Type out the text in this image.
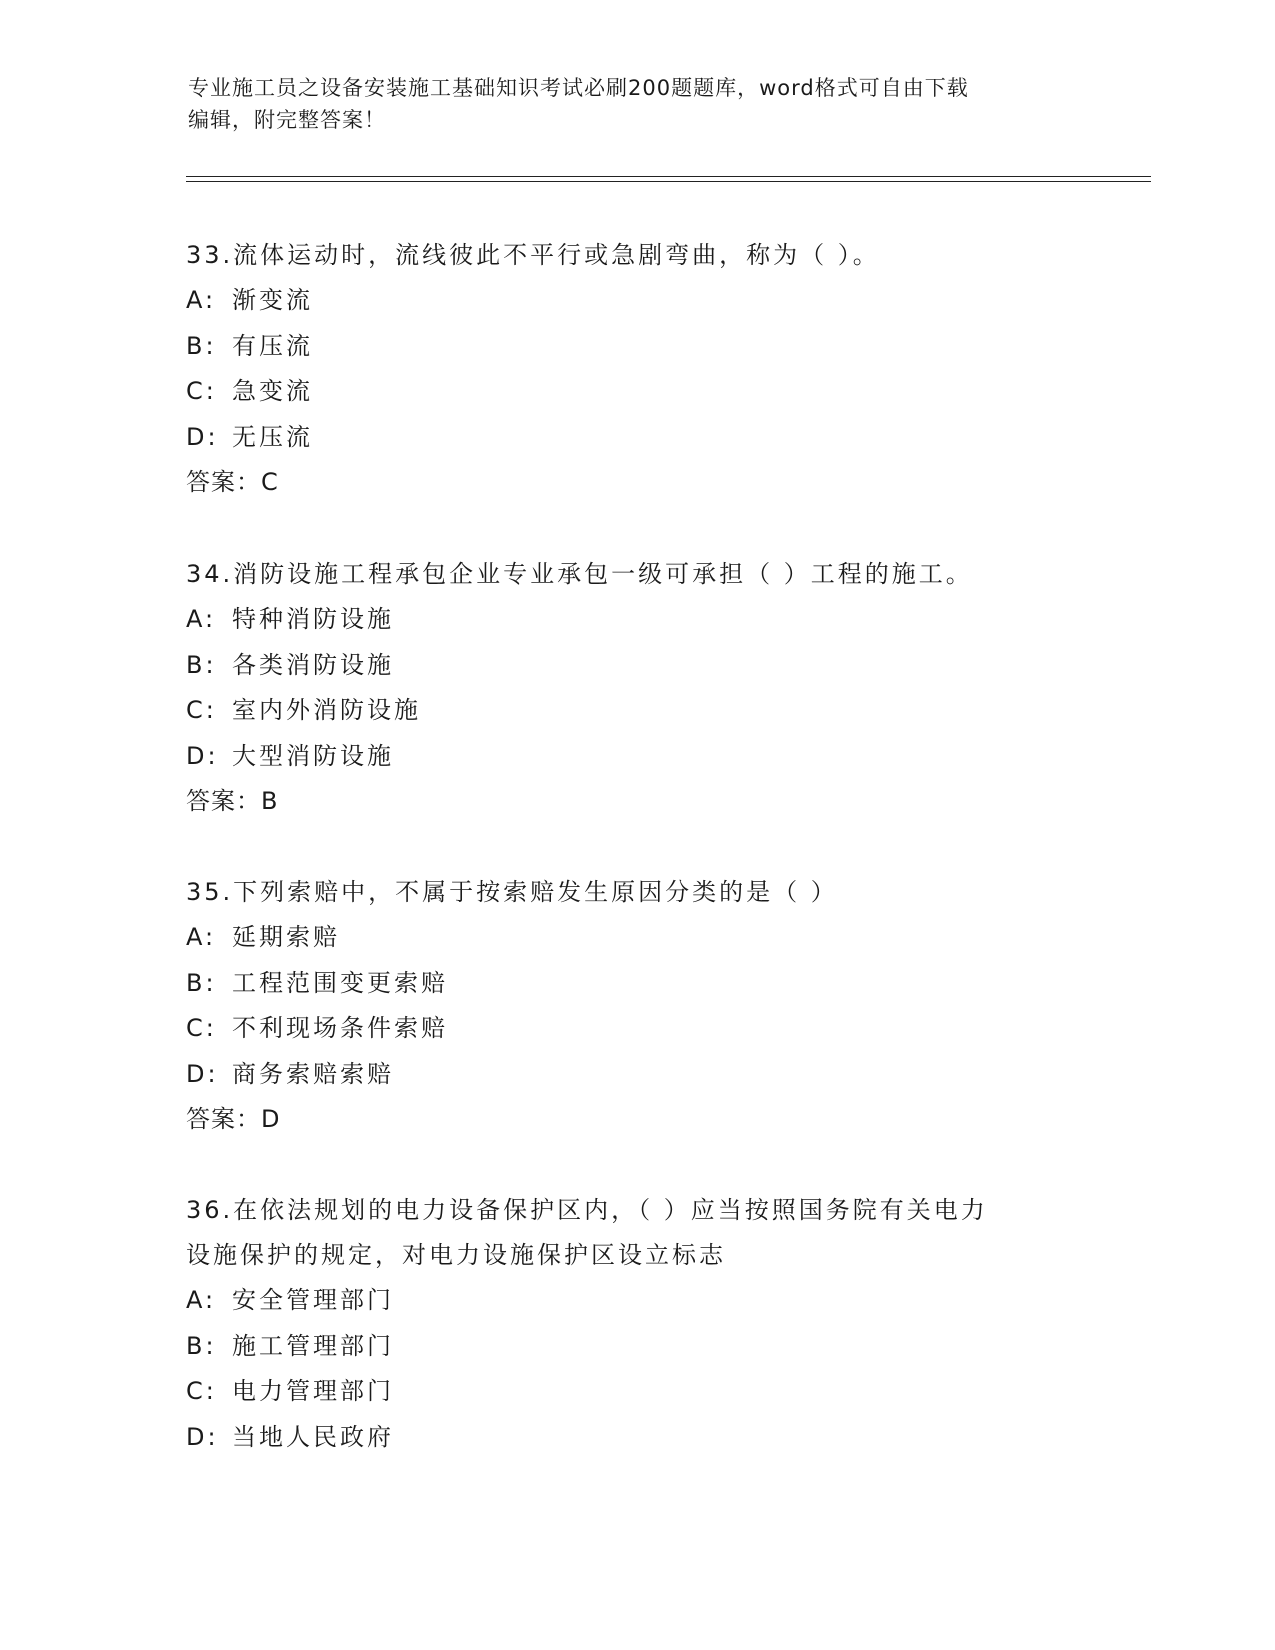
专业施工员之设备安装施工基础知识考试必刷200题题库，word格式可自由下载
编辑，附完整答案！
33.流体运动时，流线彼此不平行或急剧弯曲，称为（ ）。
A: 渐变流
B: 有压流
C: 急变流
D: 无压流
答案：C
34.消防设施工程承包企业专业承包一级可承担（ ）工程的施工。
A: 特种消防设施
B: 各类消防设施
C: 室内外消防设施
D: 大型消防设施
答案：B
35.下列索赔中，不属于按索赔发生原因分类的是（ ）
A: 延期索赔
B: 工程范围变更索赔
C: 不利现场条件索赔
D: 商务索赔索赔
答案：D
36.在依法规划的电力设备保护区内，（ ）应当按照国务院有关电力
设施保护的规定，对电力设施保护区设立标志
A: 安全管理部门
B: 施工管理部门
C: 电力管理部门
D: 当地人民政府
